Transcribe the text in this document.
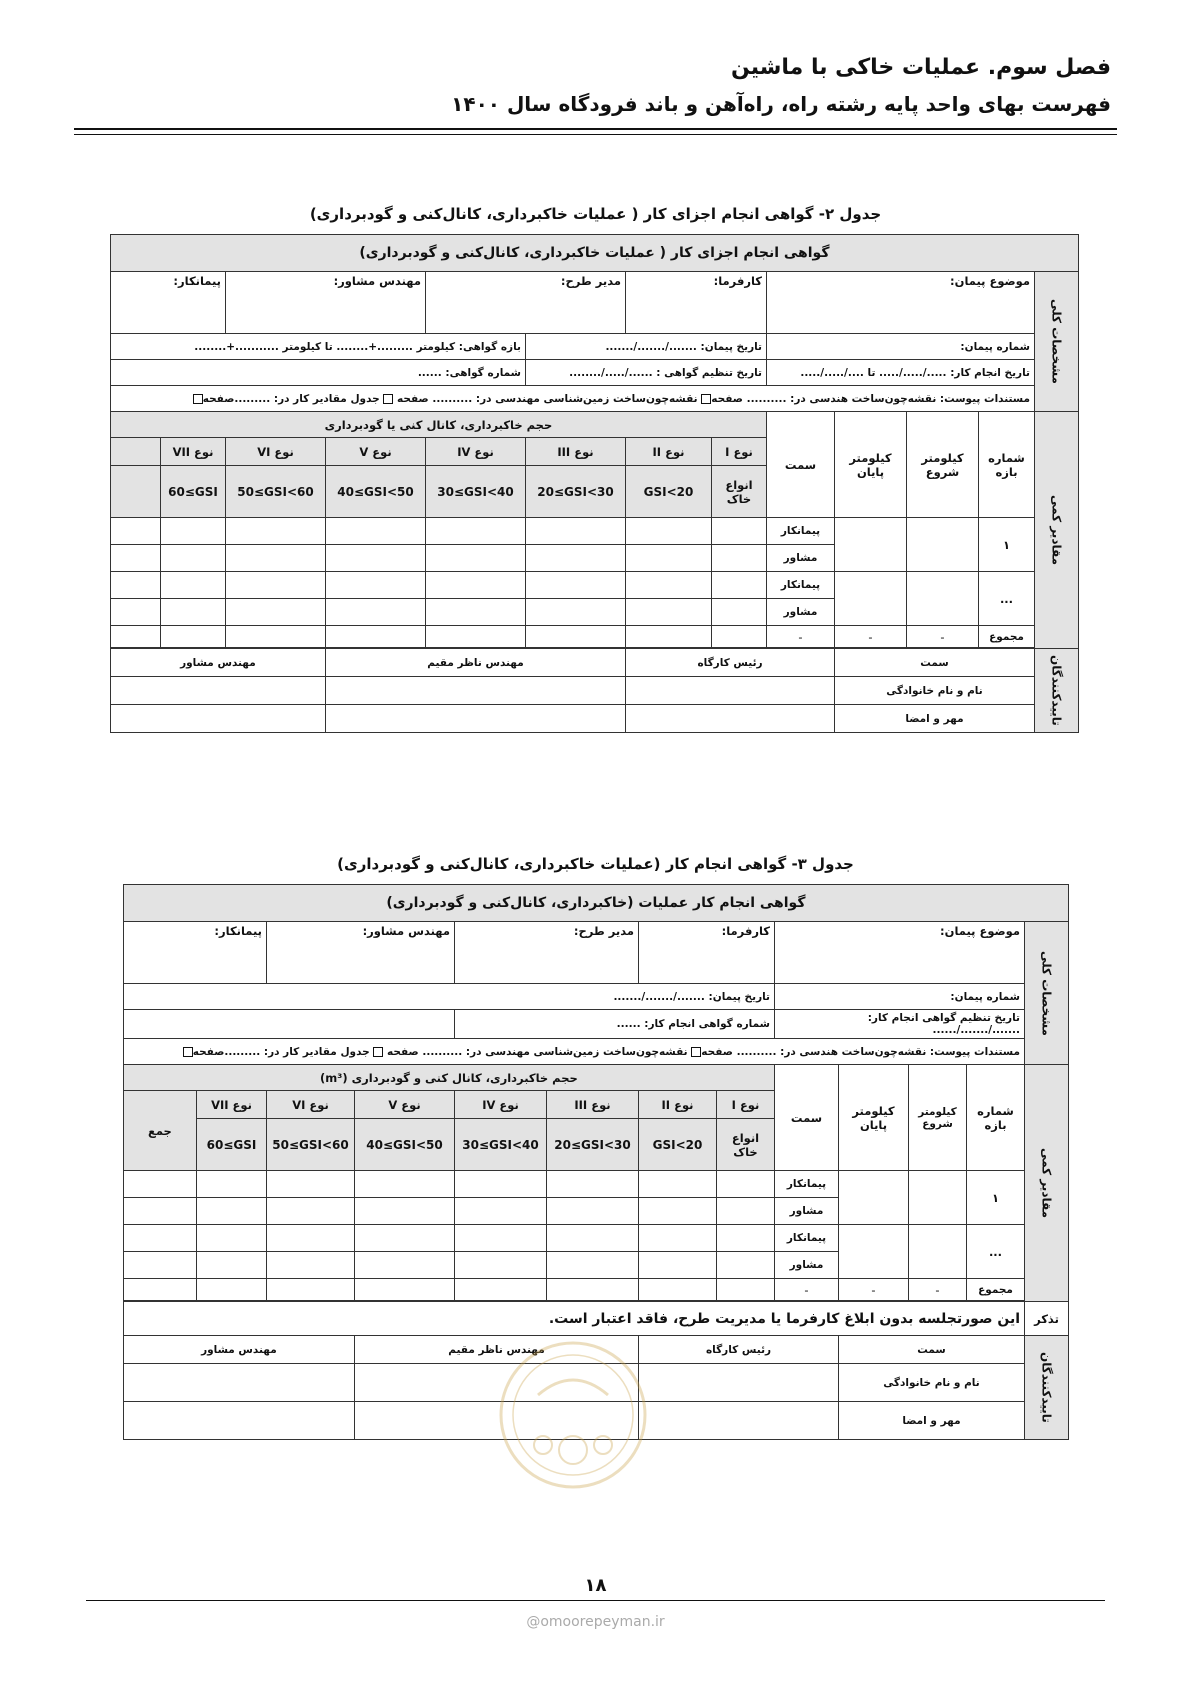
فصل سوم. عملیات خاکی با ماشین
فهرست بهای واحد پایه رشته راه، راه‌آهن و باند فرودگاه سال ۱۴۰۰
جدول ۲- گواهی انجام اجزای کار ( عملیات خاکبرداری، کانال‌کنی و گودبرداری)
گواهی انجام اجزای کار ( عملیات خاکبرداری، کانال‌کنی و گودبرداری)												

مشخصات کلی	موضوع پیمان:				کارفرما:		مدیر طرح:		مهندس مشاور:		پیمانکار:	
	شماره پیمان:				تاریخ پیمان: ......./......./.......			بازه گواهی: کیلومتر .........+........ تا کیلومتر ...........+........				
	تاریخ انجام کار: ...../...../..... تا ..../...../.....				تاریخ تنظیم گواهی : ....../...../........			شماره گواهی: ......				
	مستندات پیوست: نقشه‌چون‌ساخت هندسی در: .......... صفحه نقشه‌چون‌ساخت زمین‌شناسی مهندسی در: .......... صفحه  جدول مقادیر کار در: .........صفحه											

مقادیر کمی	شماره بازه	کیلومتر شروع	کیلومتر پایان	سمت	حجم خاکبرداری، کانال کنی یا گودبرداری							
					نوع I	نوع II	نوع III	نوع IV	نوع V	نوع VI	نوع VII	
					انواع خاک	GSI<20	20≤GSI<30	30≤GSI<40	40≤GSI<50	50≤GSI<60	60≤GSI	
	۱			پیمانکار								
				مشاور								
	...			پیمانکار								
				مشاور								
	مجموع	-	-	-								

تاییدکنندگان	سمت			رئیس کارگاه			مهندس ناظر مقیم			مهندس مشاور		
	نام و نام خانوادگی											
	مهر و امضا											
جدول ۳- گواهی انجام کار (عملیات خاکبرداری، کانال‌کنی و گودبرداری)
گواهی انجام کار عملیات (خاکبرداری، کانال‌کنی و گودبرداری)												

مشخصات کلی	موضوع پیمان:				کارفرما:		مدیر طرح:		مهندس مشاور:		پیمانکار:	
	شماره پیمان:				تاریخ پیمان: ......./......./.......							
	تاریخ تنظیم گواهی انجام کار: ......./......./......				شماره گواهی انجام کار: ......							
	مستندات پیوست: نقشه‌چون‌ساخت هندسی در: .......... صفحه نقشه‌چون‌ساخت زمین‌شناسی مهندسی در: .......... صفحه  جدول مقادیر کار در: .........صفحه											

مقادیر کمی	شماره بازه	کیلومتر شروع	کیلومتر پایان	سمت	حجم خاکبرداری، کانال کنی و گودبرداری (m³)							
					نوع I	نوع II	نوع III	نوع IV	نوع V	نوع VI	نوع VII	جمع
					انواع خاک	GSI<20	20≤GSI<30	30≤GSI<40	40≤GSI<50	50≤GSI<60	60≤GSI	
	۱			پیمانکار								
				مشاور								
	...			پیمانکار								
				مشاور								
	مجموع	-	-	-								

تذکر	این صورتجلسه بدون ابلاغ کارفرما یا مدیریت طرح، فاقد اعتبار است.											

تاییدکنندگان	سمت			رئیس کارگاه			مهندس ناظر مقیم			مهندس مشاور		
	نام و نام خانوادگی											
	مهر و امضا											
۱۸
@omoorepeyman.ir
